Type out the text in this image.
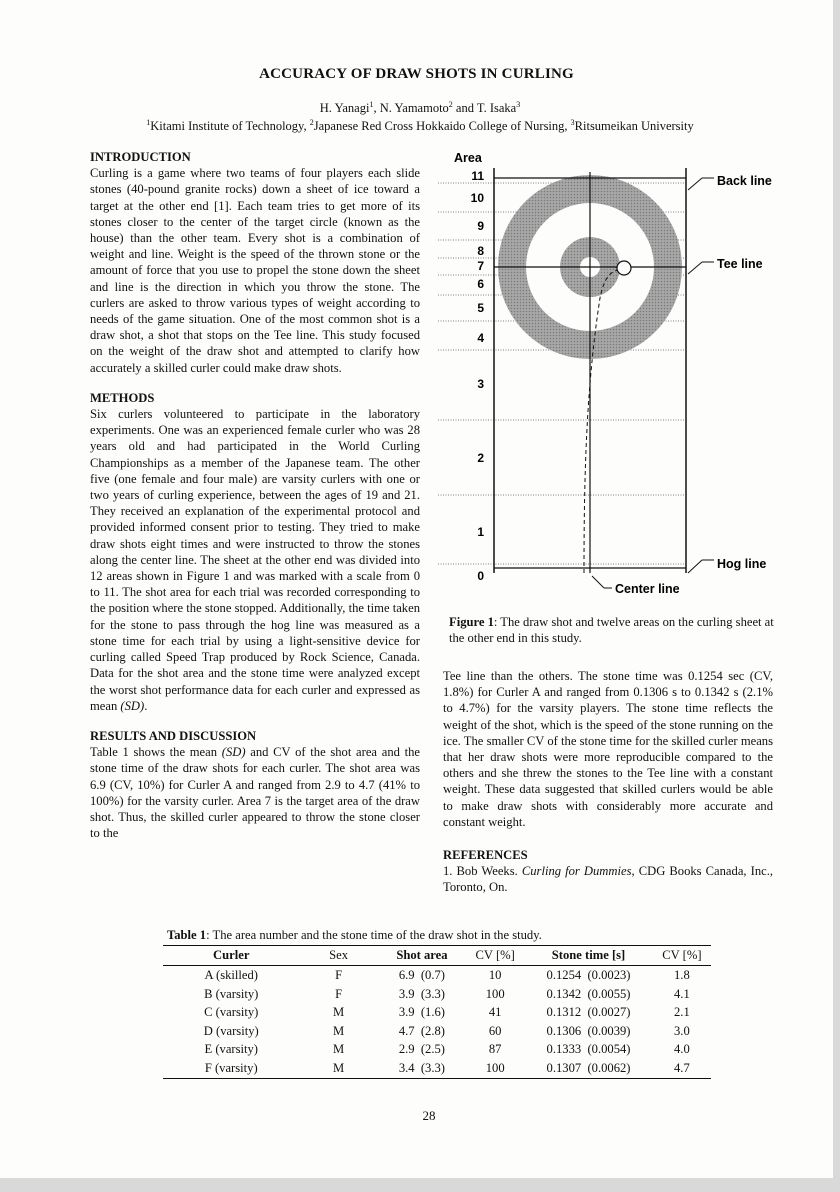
ACCURACY OF DRAW SHOTS IN CURLING
H. Yanagi$^1$, N. Yamamoto$^2$ and T. Isaka$^3$
$^1$Kitami Institute of Technology, $^2$Japanese Red Cross Hokkaido College of Nursing, $^3$Ritsumeikan University

INTRODUCTION

Curling is a game where two teams of four players each slide stones (40-pound granite rocks) down a sheet of ice toward a target at the other end [1]. Each team tries to get more of its stones closer to the center of the target circle (known as the house) than the other team. Every shot is a combination of weight and line. Weight is the speed of the thrown stone or the amount of force that you use to propel the stone down the sheet and line is the direction in which you throw the stone. The curlers are asked to throw various types of weight according to needs of the game situation. One of the most common shot is a draw shot, a shot that stops on the Tee line. This study focused on the weight of the draw shot and attempted to clarify how accurately a skilled curler could make draw shots.

METHODS

Six curlers volunteered to participate in the laboratory experiments. One was an experienced female curler who was 28 years old and had participated in the World Curling Championships as a member of the Japanese team. The other five (one female and four male) are varsity curlers with one or two years of curling experience, between the ages of 19 and 21. They received an explanation of the experimental protocol and provided informed consent prior to testing. They tried to make draw shots eight times and were instructed to throw the stones along the center line. The sheet at the other end was divided into 12 areas shown in Figure 1 and was marked with a scale from 0 to 11. The shot area for each trial was recorded corresponding to the position where the stone stopped. Additionally, the time taken for the stone to pass through the hog line was measured as a stone time for each trial by using a light-sensitive device for curling called Speed Trap produced by Rock Science, Canada. Data for the shot area and the stone time were analyzed except the worst shot performance data for each curler and expressed as mean (SD).

RESULTS AND DISCUSSION

Table 1 shows the mean (SD) and CV of the shot area and the stone time of the draw shots for each curler. The shot area was 6.9 (CV, 10%) for Curler A and ranged from 2.9 to 4.7 (41% to 100%) for the varsity curler. Area 7 is the target area of the draw shot. Thus, the skilled curler appeared to throw the stone closer to the

Area
11
10
9
8
7
6
5
4
3
2
1
0
Back line
Tee line
Hog line
Center line
Figure 1: The draw shot and twelve areas on the curling sheet at the other end in this study.

Tee line than the others. The stone time was 0.1254 sec (CV, 1.8%) for Curler A and ranged from 0.1306 s to 0.1342 s (2.1% to 4.7%) for the varsity players. The stone time reflects the weight of the shot, which is the speed of the stone running on the ice. The smaller CV of the stone time for the skilled curler means that her draw shots were more reproducible compared to the others and she threw the stones to the Tee line with a constant weight. These data suggested that skilled curlers would be able to make draw shots with considerably more accurate and constant weight.

REFERENCES

1. Bob Weeks. Curling for Dummies, CDG Books Canada, Inc., Toronto, On.

Table 1: The area number and the stone time of the draw shot in the study.

Curler	Sex	Shot area	CV [%]	Stone time [s]	CV [%]
A (skilled)	F	6.9  (0.7)	10	0.1254  (0.0023)	1.8
B (varsity)	F	3.9  (3.3)	100	0.1342  (0.0055)	4.1
C (varsity)	M	3.9  (1.6)	41	0.1312  (0.0027)	2.1
D (varsity)	M	4.7  (2.8)	60	0.1306  (0.0039)	3.0
E (varsity)	M	2.9  (2.5)	87	0.1333  (0.0054)	4.0
F (varsity)	M	3.4  (3.3)	100	0.1307  (0.0062)	4.7
28
